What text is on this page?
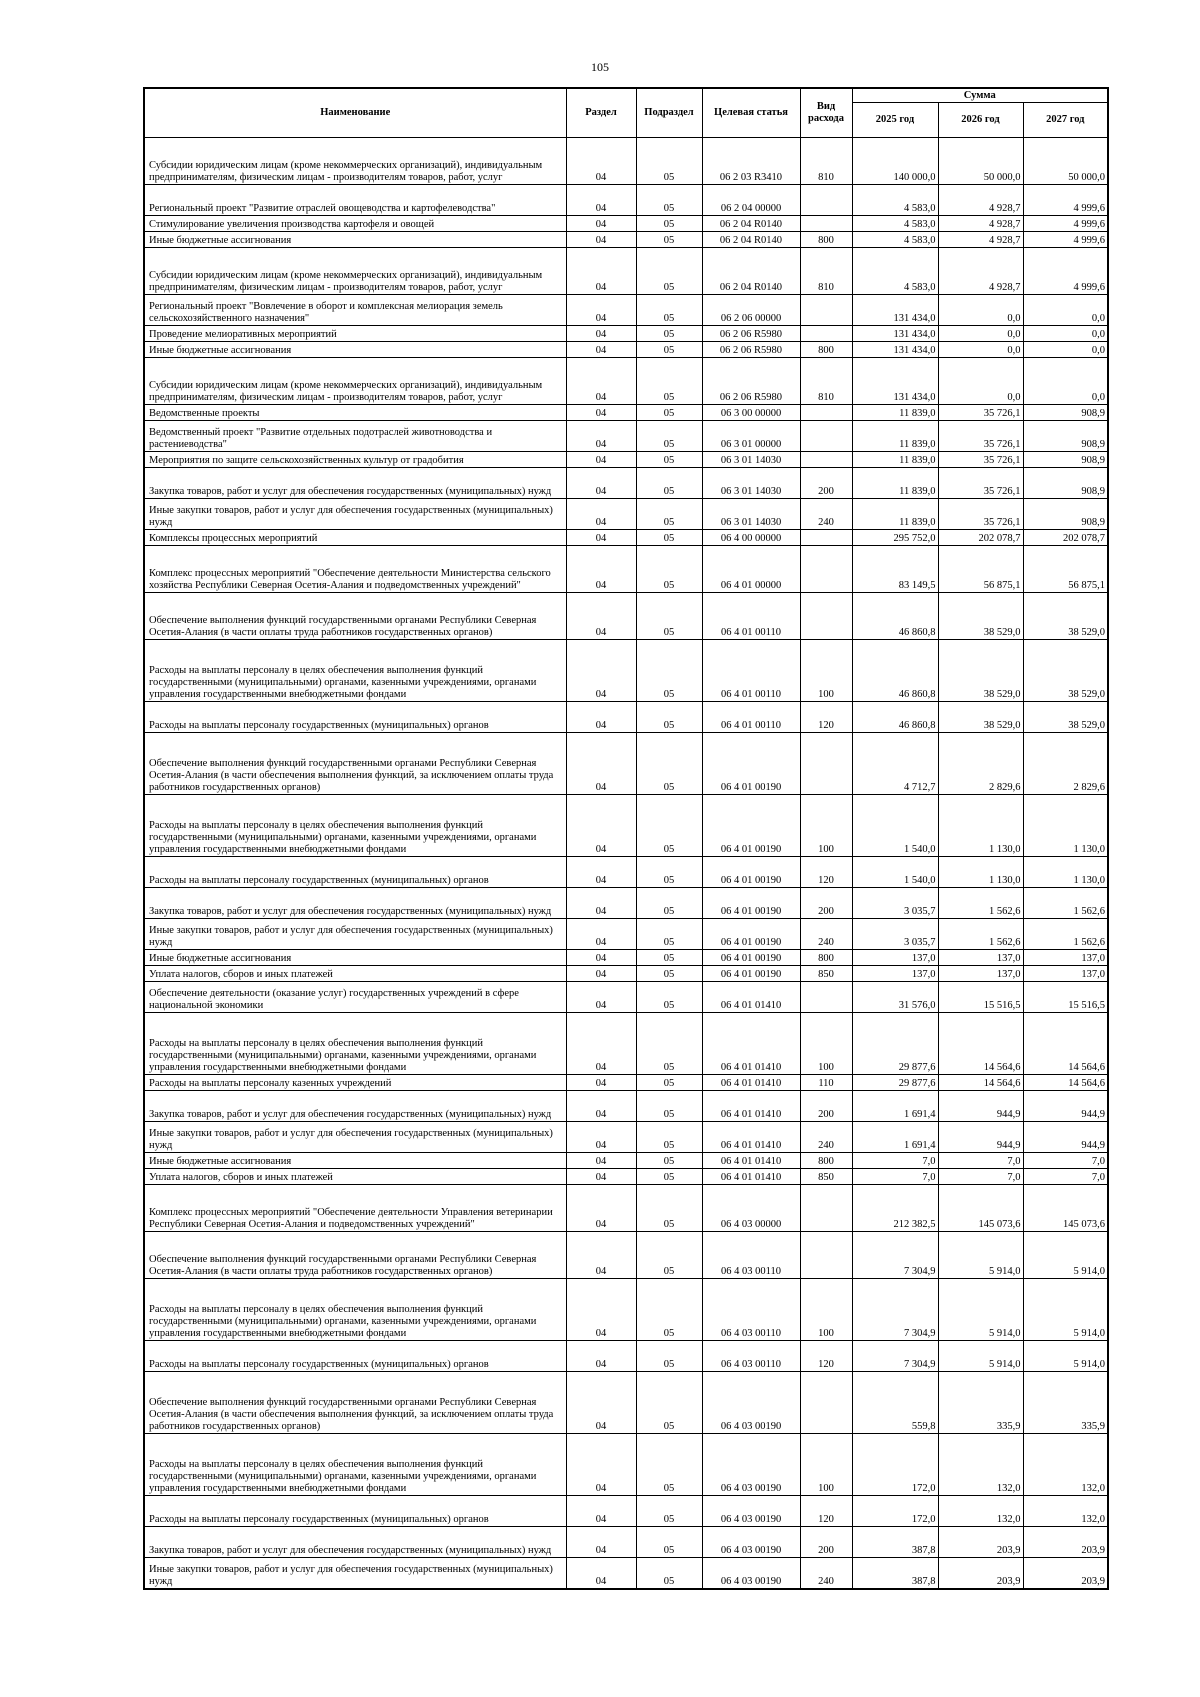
105
Наименование	Раздел	Подраздел	Целевая статья	Вид расхода	Сумма		
					2025 год	2026 год	2027 год
Субсидии юридическим лицам (кроме некоммерческих организаций), индивидуальным предпринимателям, физическим лицам - производителям товаров, работ, услуг	04	05	06 2 03 R3410	810	140 000,0	50 000,0	50 000,0
Региональный проект "Развитие отраслей овощеводства и картофелеводства"	04	05	06 2 04 00000		4 583,0	4 928,7	4 999,6
Стимулирование увеличения производства картофеля и овощей	04	05	06 2 04 R0140		4 583,0	4 928,7	4 999,6
Иные бюджетные ассигнования	04	05	06 2 04 R0140	800	4 583,0	4 928,7	4 999,6
Субсидии юридическим лицам (кроме некоммерческих организаций), индивидуальным предпринимателям, физическим лицам - производителям товаров, работ, услуг	04	05	06 2 04 R0140	810	4 583,0	4 928,7	4 999,6
Региональный проект "Вовлечение в оборот и комплексная мелиорация земель сельскохозяйственного назначения"	04	05	06 2 06 00000		131 434,0	0,0	0,0
Проведение мелиоративных мероприятий	04	05	06 2 06 R5980		131 434,0	0,0	0,0
Иные бюджетные ассигнования	04	05	06 2 06 R5980	800	131 434,0	0,0	0,0
Субсидии юридическим лицам (кроме некоммерческих организаций), индивидуальным предпринимателям, физическим лицам - производителям товаров, работ, услуг	04	05	06 2 06 R5980	810	131 434,0	0,0	0,0
Ведомственные проекты	04	05	06 3 00 00000		11 839,0	35 726,1	908,9
Ведомственный проект "Развитие отдельных подотраслей животноводства и растениеводства"	04	05	06 3 01 00000		11 839,0	35 726,1	908,9
Мероприятия по защите сельскохозяйственных культур от градобития	04	05	06 3 01 14030		11 839,0	35 726,1	908,9
Закупка товаров, работ и услуг для обеспечения государственных (муниципальных) нужд	04	05	06 3 01 14030	200	11 839,0	35 726,1	908,9
Иные закупки товаров, работ и услуг для обеспечения государственных (муниципальных) нужд	04	05	06 3 01 14030	240	11 839,0	35 726,1	908,9
Комплексы процессных мероприятий	04	05	06 4 00 00000		295 752,0	202 078,7	202 078,7
Комплекс процессных мероприятий "Обеспечение деятельности Министерства сельского хозяйства Республики Северная Осетия-Алания и подведомственных учреждений"	04	05	06 4 01 00000		83 149,5	56 875,1	56 875,1
Обеспечение выполнения функций государственными органами Республики Северная Осетия-Алания (в части оплаты труда работников государственных органов)	04	05	06 4 01 00110		46 860,8	38 529,0	38 529,0
Расходы на выплаты персоналу в целях обеспечения выполнения функций государственными (муниципальными) органами, казенными учреждениями, органами управления государственными внебюджетными фондами	04	05	06 4 01 00110	100	46 860,8	38 529,0	38 529,0
Расходы на выплаты персоналу государственных (муниципальных) органов	04	05	06 4 01 00110	120	46 860,8	38 529,0	38 529,0
Обеспечение выполнения функций государственными органами Республики Северная Осетия-Алания (в части обеспечения выполнения функций, за исключением оплаты труда работников государственных органов)	04	05	06 4 01 00190		4 712,7	2 829,6	2 829,6
Расходы на выплаты персоналу в целях обеспечения выполнения функций государственными (муниципальными) органами, казенными учреждениями, органами управления государственными внебюджетными фондами	04	05	06 4 01 00190	100	1 540,0	1 130,0	1 130,0
Расходы на выплаты персоналу государственных (муниципальных) органов	04	05	06 4 01 00190	120	1 540,0	1 130,0	1 130,0
Закупка товаров, работ и услуг для обеспечения государственных (муниципальных) нужд	04	05	06 4 01 00190	200	3 035,7	1 562,6	1 562,6
Иные закупки товаров, работ и услуг для обеспечения государственных (муниципальных) нужд	04	05	06 4 01 00190	240	3 035,7	1 562,6	1 562,6
Иные бюджетные ассигнования	04	05	06 4 01 00190	800	137,0	137,0	137,0
Уплата налогов, сборов и иных платежей	04	05	06 4 01 00190	850	137,0	137,0	137,0
Обеспечение деятельности (оказание услуг) государственных учреждений в сфере национальной экономики	04	05	06 4 01 01410		31 576,0	15 516,5	15 516,5
Расходы на выплаты персоналу в целях обеспечения выполнения функций государственными (муниципальными) органами, казенными учреждениями, органами управления государственными внебюджетными фондами	04	05	06 4 01 01410	100	29 877,6	14 564,6	14 564,6
Расходы на выплаты персоналу казенных учреждений	04	05	06 4 01 01410	110	29 877,6	14 564,6	14 564,6
Закупка товаров, работ и услуг для обеспечения государственных (муниципальных) нужд	04	05	06 4 01 01410	200	1 691,4	944,9	944,9
Иные закупки товаров, работ и услуг для обеспечения государственных (муниципальных) нужд	04	05	06 4 01 01410	240	1 691,4	944,9	944,9
Иные бюджетные ассигнования	04	05	06 4 01 01410	800	7,0	7,0	7,0
Уплата налогов, сборов и иных платежей	04	05	06 4 01 01410	850	7,0	7,0	7,0
Комплекс процессных мероприятий "Обеспечение деятельности Управления ветеринарии Республики Северная Осетия-Алания и подведомственных учреждений"	04	05	06 4 03 00000		212 382,5	145 073,6	145 073,6
Обеспечение выполнения функций государственными органами Республики Северная Осетия-Алания (в части оплаты труда работников государственных органов)	04	05	06 4 03 00110		7 304,9	5 914,0	5 914,0
Расходы на выплаты персоналу в целях обеспечения выполнения функций государственными (муниципальными) органами, казенными учреждениями, органами управления государственными внебюджетными фондами	04	05	06 4 03 00110	100	7 304,9	5 914,0	5 914,0
Расходы на выплаты персоналу государственных (муниципальных) органов	04	05	06 4 03 00110	120	7 304,9	5 914,0	5 914,0
Обеспечение выполнения функций государственными органами Республики Северная Осетия-Алания (в части обеспечения выполнения функций, за исключением оплаты труда работников государственных органов)	04	05	06 4 03 00190		559,8	335,9	335,9
Расходы на выплаты персоналу в целях обеспечения выполнения функций государственными (муниципальными) органами, казенными учреждениями, органами управления государственными внебюджетными фондами	04	05	06 4 03 00190	100	172,0	132,0	132,0
Расходы на выплаты персоналу государственных (муниципальных) органов	04	05	06 4 03 00190	120	172,0	132,0	132,0
Закупка товаров, работ и услуг для обеспечения государственных (муниципальных) нужд	04	05	06 4 03 00190	200	387,8	203,9	203,9
Иные закупки товаров, работ и услуг для обеспечения государственных (муниципальных) нужд	04	05	06 4 03 00190	240	387,8	203,9	203,9
